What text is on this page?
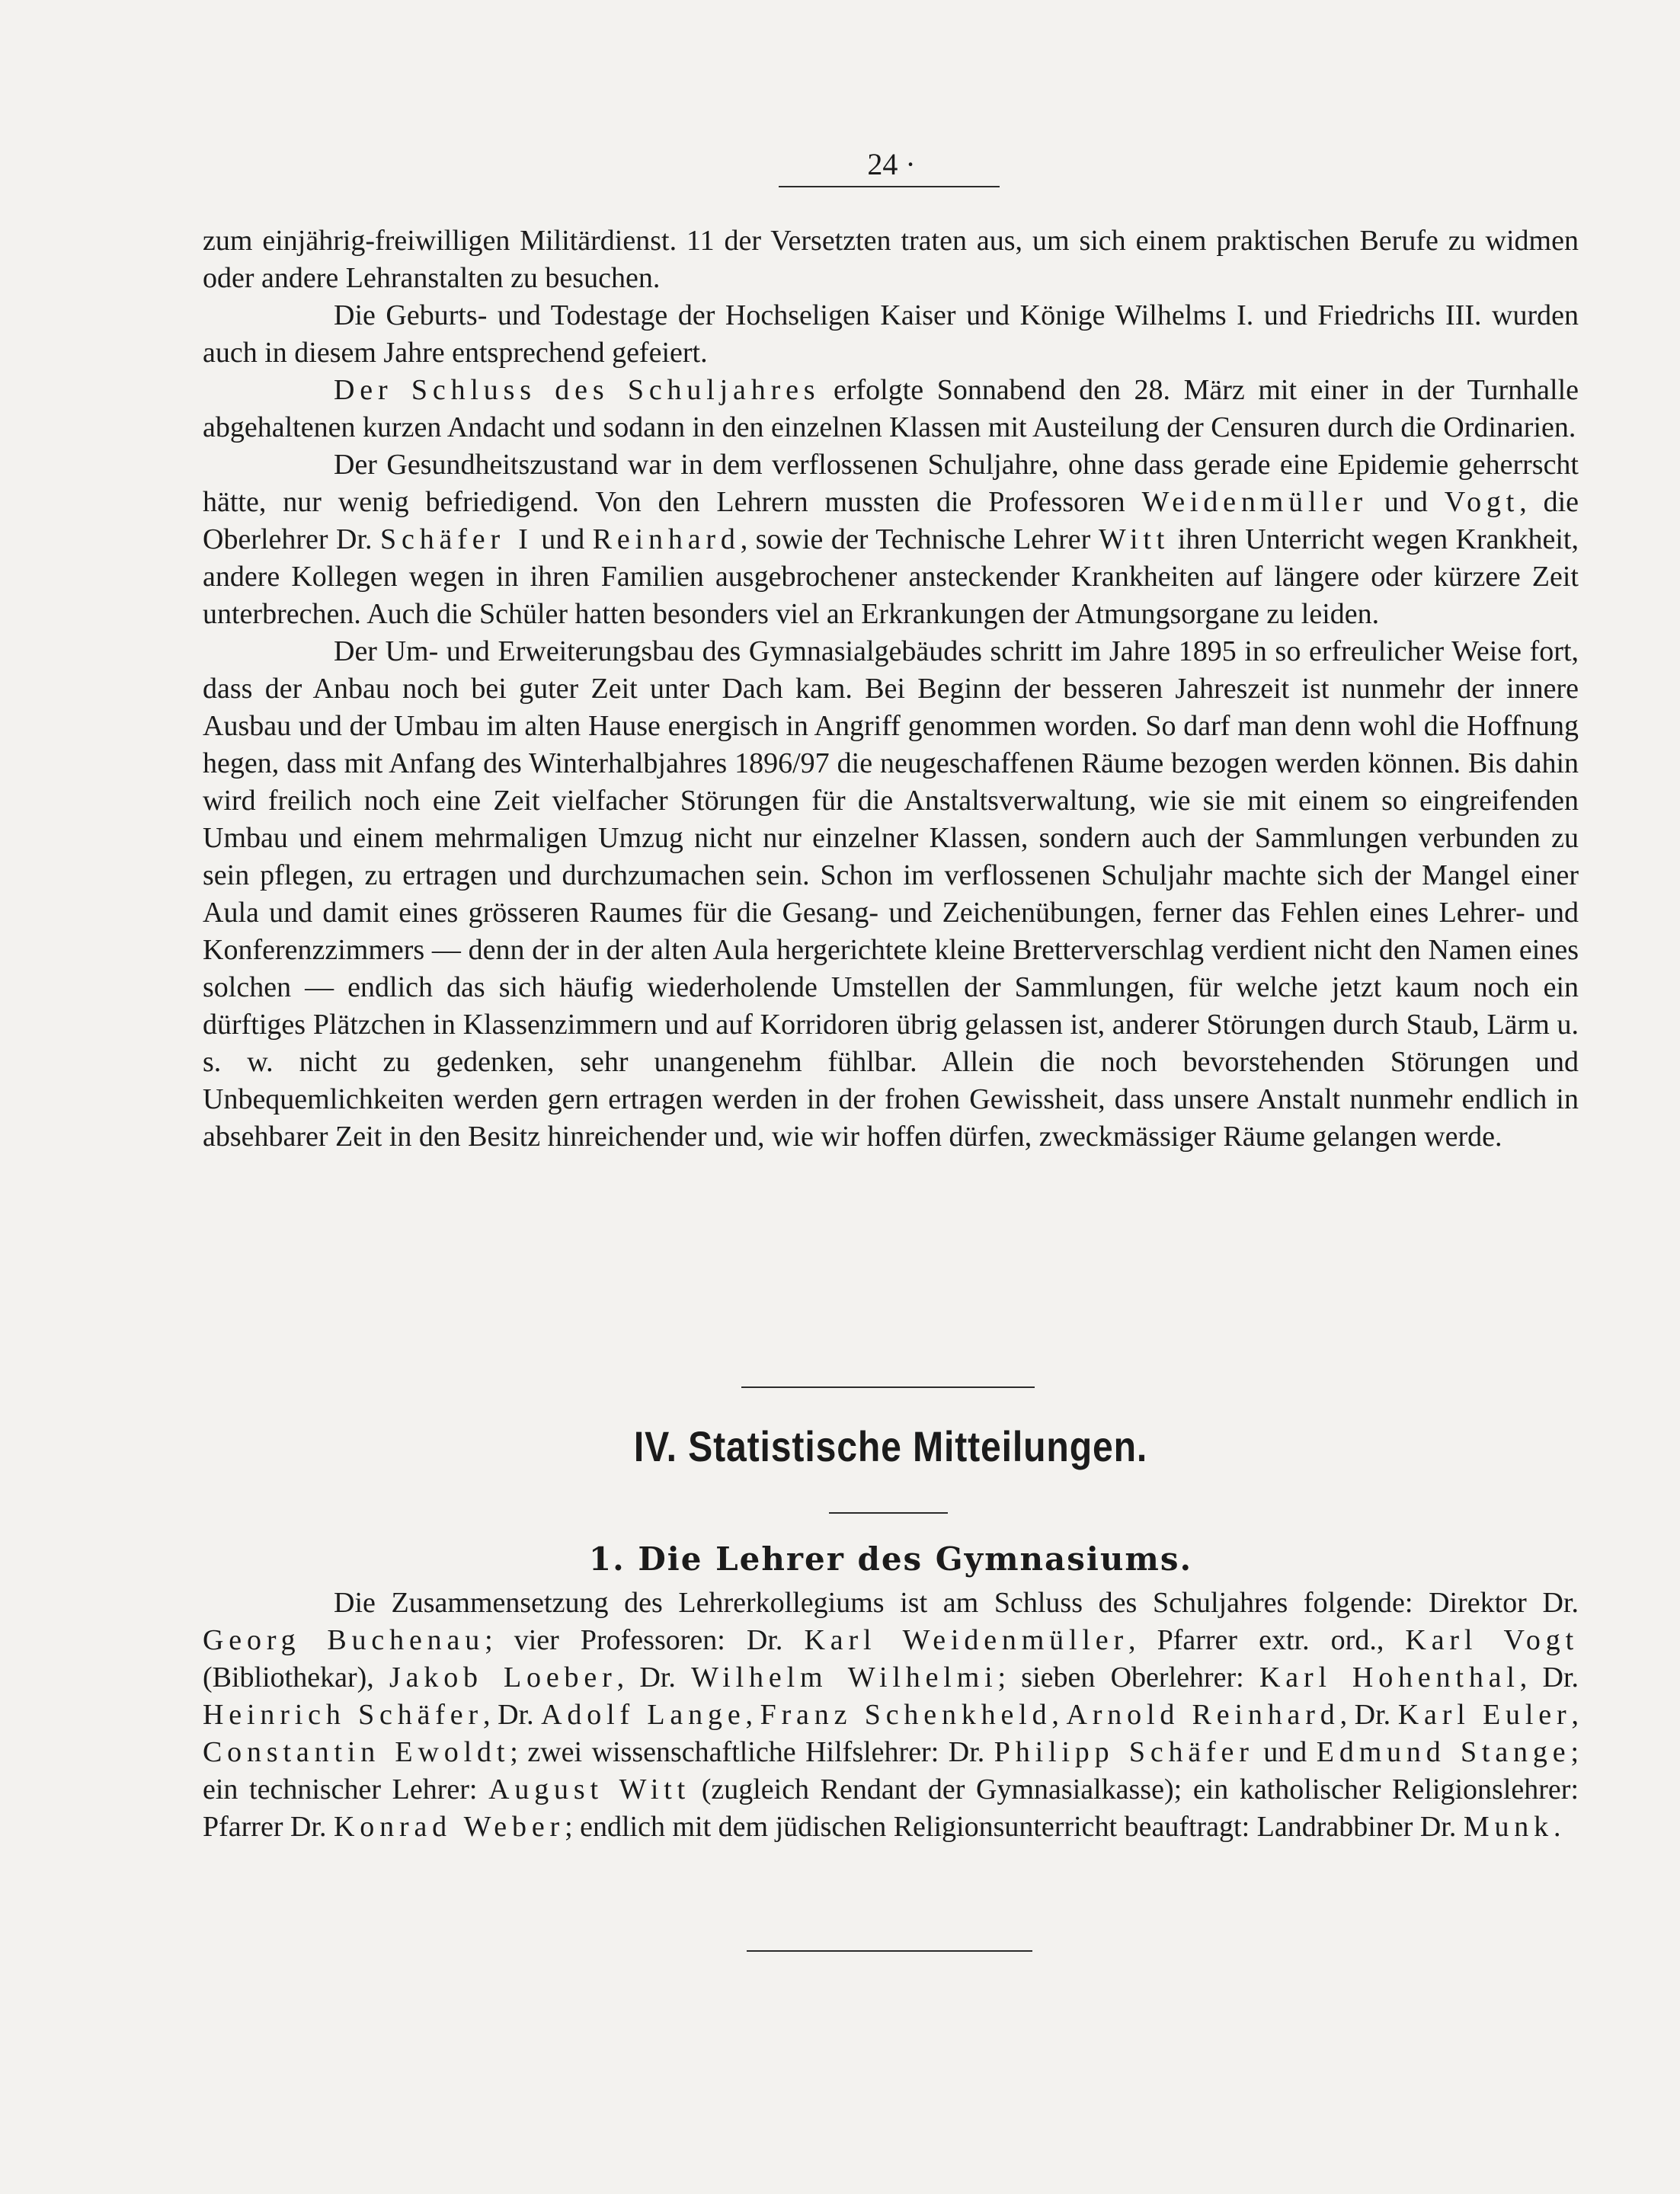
24 ·

zum einjährig-freiwilligen Militärdienst. 11 der Versetzten traten aus, um sich einem praktischen Berufe zu widmen oder andere Lehranstalten zu besuchen.

Die Geburts- und Todestage der Hochseligen Kaiser und Könige Wilhelms I. und Friedrichs III. wurden auch in diesem Jahre entsprechend gefeiert.

Der Schluss des Schuljahres erfolgte Sonnabend den 28. März mit einer in der Turnhalle abgehaltenen kurzen Andacht und sodann in den einzelnen Klassen mit Austeilung der Censuren durch die Ordinarien.

Der Gesundheitszustand war in dem verflossenen Schuljahre, ohne dass gerade eine Epidemie geherrscht hätte, nur wenig befriedigend. Von den Lehrern mussten die Professoren Weidenmüller und Vogt, die Oberlehrer Dr. Schäfer I und Reinhard, sowie der Technische Lehrer Witt ihren Unterricht wegen Krankheit, andere Kollegen wegen in ihren Familien ausgebrochener ansteckender Krankheiten auf längere oder kürzere Zeit unterbrechen. Auch die Schüler hatten besonders viel an Erkrankungen der Atmungsorgane zu leiden.

Der Um- und Erweiterungsbau des Gymnasialgebäudes schritt im Jahre 1895 in so erfreulicher Weise fort, dass der Anbau noch bei guter Zeit unter Dach kam. Bei Beginn der besseren Jahreszeit ist nunmehr der innere Ausbau und der Umbau im alten Hause energisch in Angriff genommen worden. So darf man denn wohl die Hoffnung hegen, dass mit Anfang des Winterhalbjahres 1896/97 die neugeschaffenen Räume bezogen werden können. Bis dahin wird freilich noch eine Zeit vielfacher Störungen für die Anstaltsverwaltung, wie sie mit einem so eingreifenden Umbau und einem mehrmaligen Umzug nicht nur einzelner Klassen, sondern auch der Sammlungen verbunden zu sein pflegen, zu ertragen und durchzumachen sein. Schon im verflossenen Schuljahr machte sich der Mangel einer Aula und damit eines grösseren Raumes für die Gesang- und Zeichenübungen, ferner das Fehlen eines Lehrer- und Konferenzzimmers — denn der in der alten Aula hergerichtete kleine Bretterverschlag verdient nicht den Namen eines solchen — endlich das sich häufig wiederholende Umstellen der Sammlungen, für welche jetzt kaum noch ein dürftiges Plätzchen in Klassenzimmern und auf Korridoren übrig gelassen ist, anderer Störungen durch Staub, Lärm u. s. w. nicht zu gedenken, sehr unangenehm fühlbar. Allein die noch bevorstehenden Störungen und Unbequemlichkeiten werden gern ertragen werden in der frohen Gewissheit, dass unsere Anstalt nunmehr endlich in absehbarer Zeit in den Besitz hinreichender und, wie wir hoffen dürfen, zweckmässiger Räume gelangen werde.

IV. Statistische Mitteilungen.
1. Die Lehrer des Gymnasiums.

Die Zusammensetzung des Lehrerkollegiums ist am Schluss des Schuljahres folgende: Direktor Dr. Georg Buchenau; vier Professoren: Dr. Karl Weidenmüller, Pfarrer extr. ord., Karl Vogt (Bibliothekar), Jakob Loeber, Dr. Wilhelm Wilhelmi; sieben Oberlehrer: Karl Hohenthal, Dr. Heinrich Schäfer, Dr. Adolf Lange, Franz Schenkheld, Arnold Reinhard, Dr. Karl Euler, Constantin Ewoldt; zwei wissenschaftliche Hilfslehrer: Dr. Philipp Schäfer und Edmund Stange; ein technischer Lehrer: August Witt (zugleich Rendant der Gymnasialkasse); ein katholischer Religionslehrer: Pfarrer Dr. Konrad Weber; endlich mit dem jüdischen Religionsunterricht beauftragt: Landrabbiner Dr. Munk.
